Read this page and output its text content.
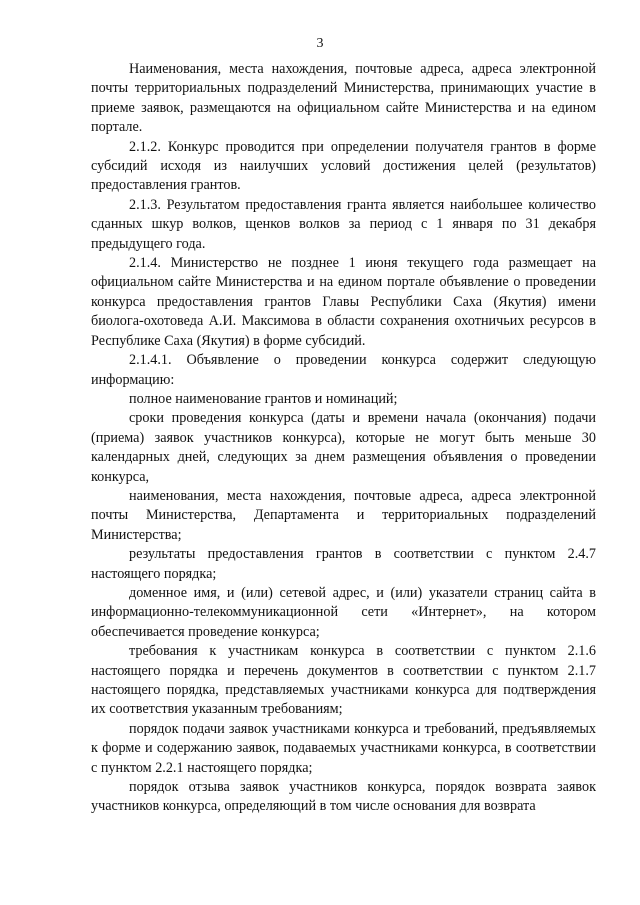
3

Наименования, места нахождения, почтовые адреса, адреса электронной почты территориальных подразделений Министерства, принимающих участие в приеме заявок, размещаются на официальном сайте Министерства и на едином портале.

2.1.2. Конкурс проводится при определении получателя грантов в форме субсидий исходя из наилучших условий достижения целей (результатов) предоставления грантов.

2.1.3. Результатом предоставления гранта является наибольшее количество сданных шкур волков, щенков волков за период с 1 января по 31 декабря предыдущего года.

2.1.4. Министерство не позднее 1 июня текущего года размещает на официальном сайте Министерства и на едином портале объявление о проведении конкурса предоставления грантов Главы Республики Саха (Якутия) имени биолога-охотоведа А.И. Максимова в области сохранения охотничьих ресурсов в Республике Саха (Якутия) в форме субсидий.

2.1.4.1. Объявление о проведении конкурса содержит следующую информацию:

полное наименование грантов и номинаций;

сроки проведения конкурса (даты и времени начала (окончания) подачи (приема) заявок участников конкурса), которые не могут быть меньше 30 календарных дней, следующих за днем размещения объявления о проведении конкурса,

наименования, места нахождения, почтовые адреса, адреса электронной почты Министерства, Департамента и территориальных подразделений Министерства;

результаты предоставления грантов в соответствии с пунктом 2.4.7 настоящего порядка;

доменное имя, и (или) сетевой адрес, и (или) указатели страниц сайта в информационно-телекоммуникационной сети «Интернет», на котором обеспечивается проведение конкурса;

требования к участникам конкурса в соответствии с пунктом 2.1.6 настоящего порядка и перечень документов в соответствии с пунктом 2.1.7 настоящего порядка, представляемых участниками конкурса для подтверждения их соответствия указанным требованиям;

порядок подачи заявок участниками конкурса и требований, предъявляемых к форме и содержанию заявок, подаваемых участниками конкурса, в соответствии с пунктом 2.2.1 настоящего порядка;

порядок отзыва заявок участников конкурса, порядок возврата заявок участников конкурса, определяющий в том числе основания для возврата
